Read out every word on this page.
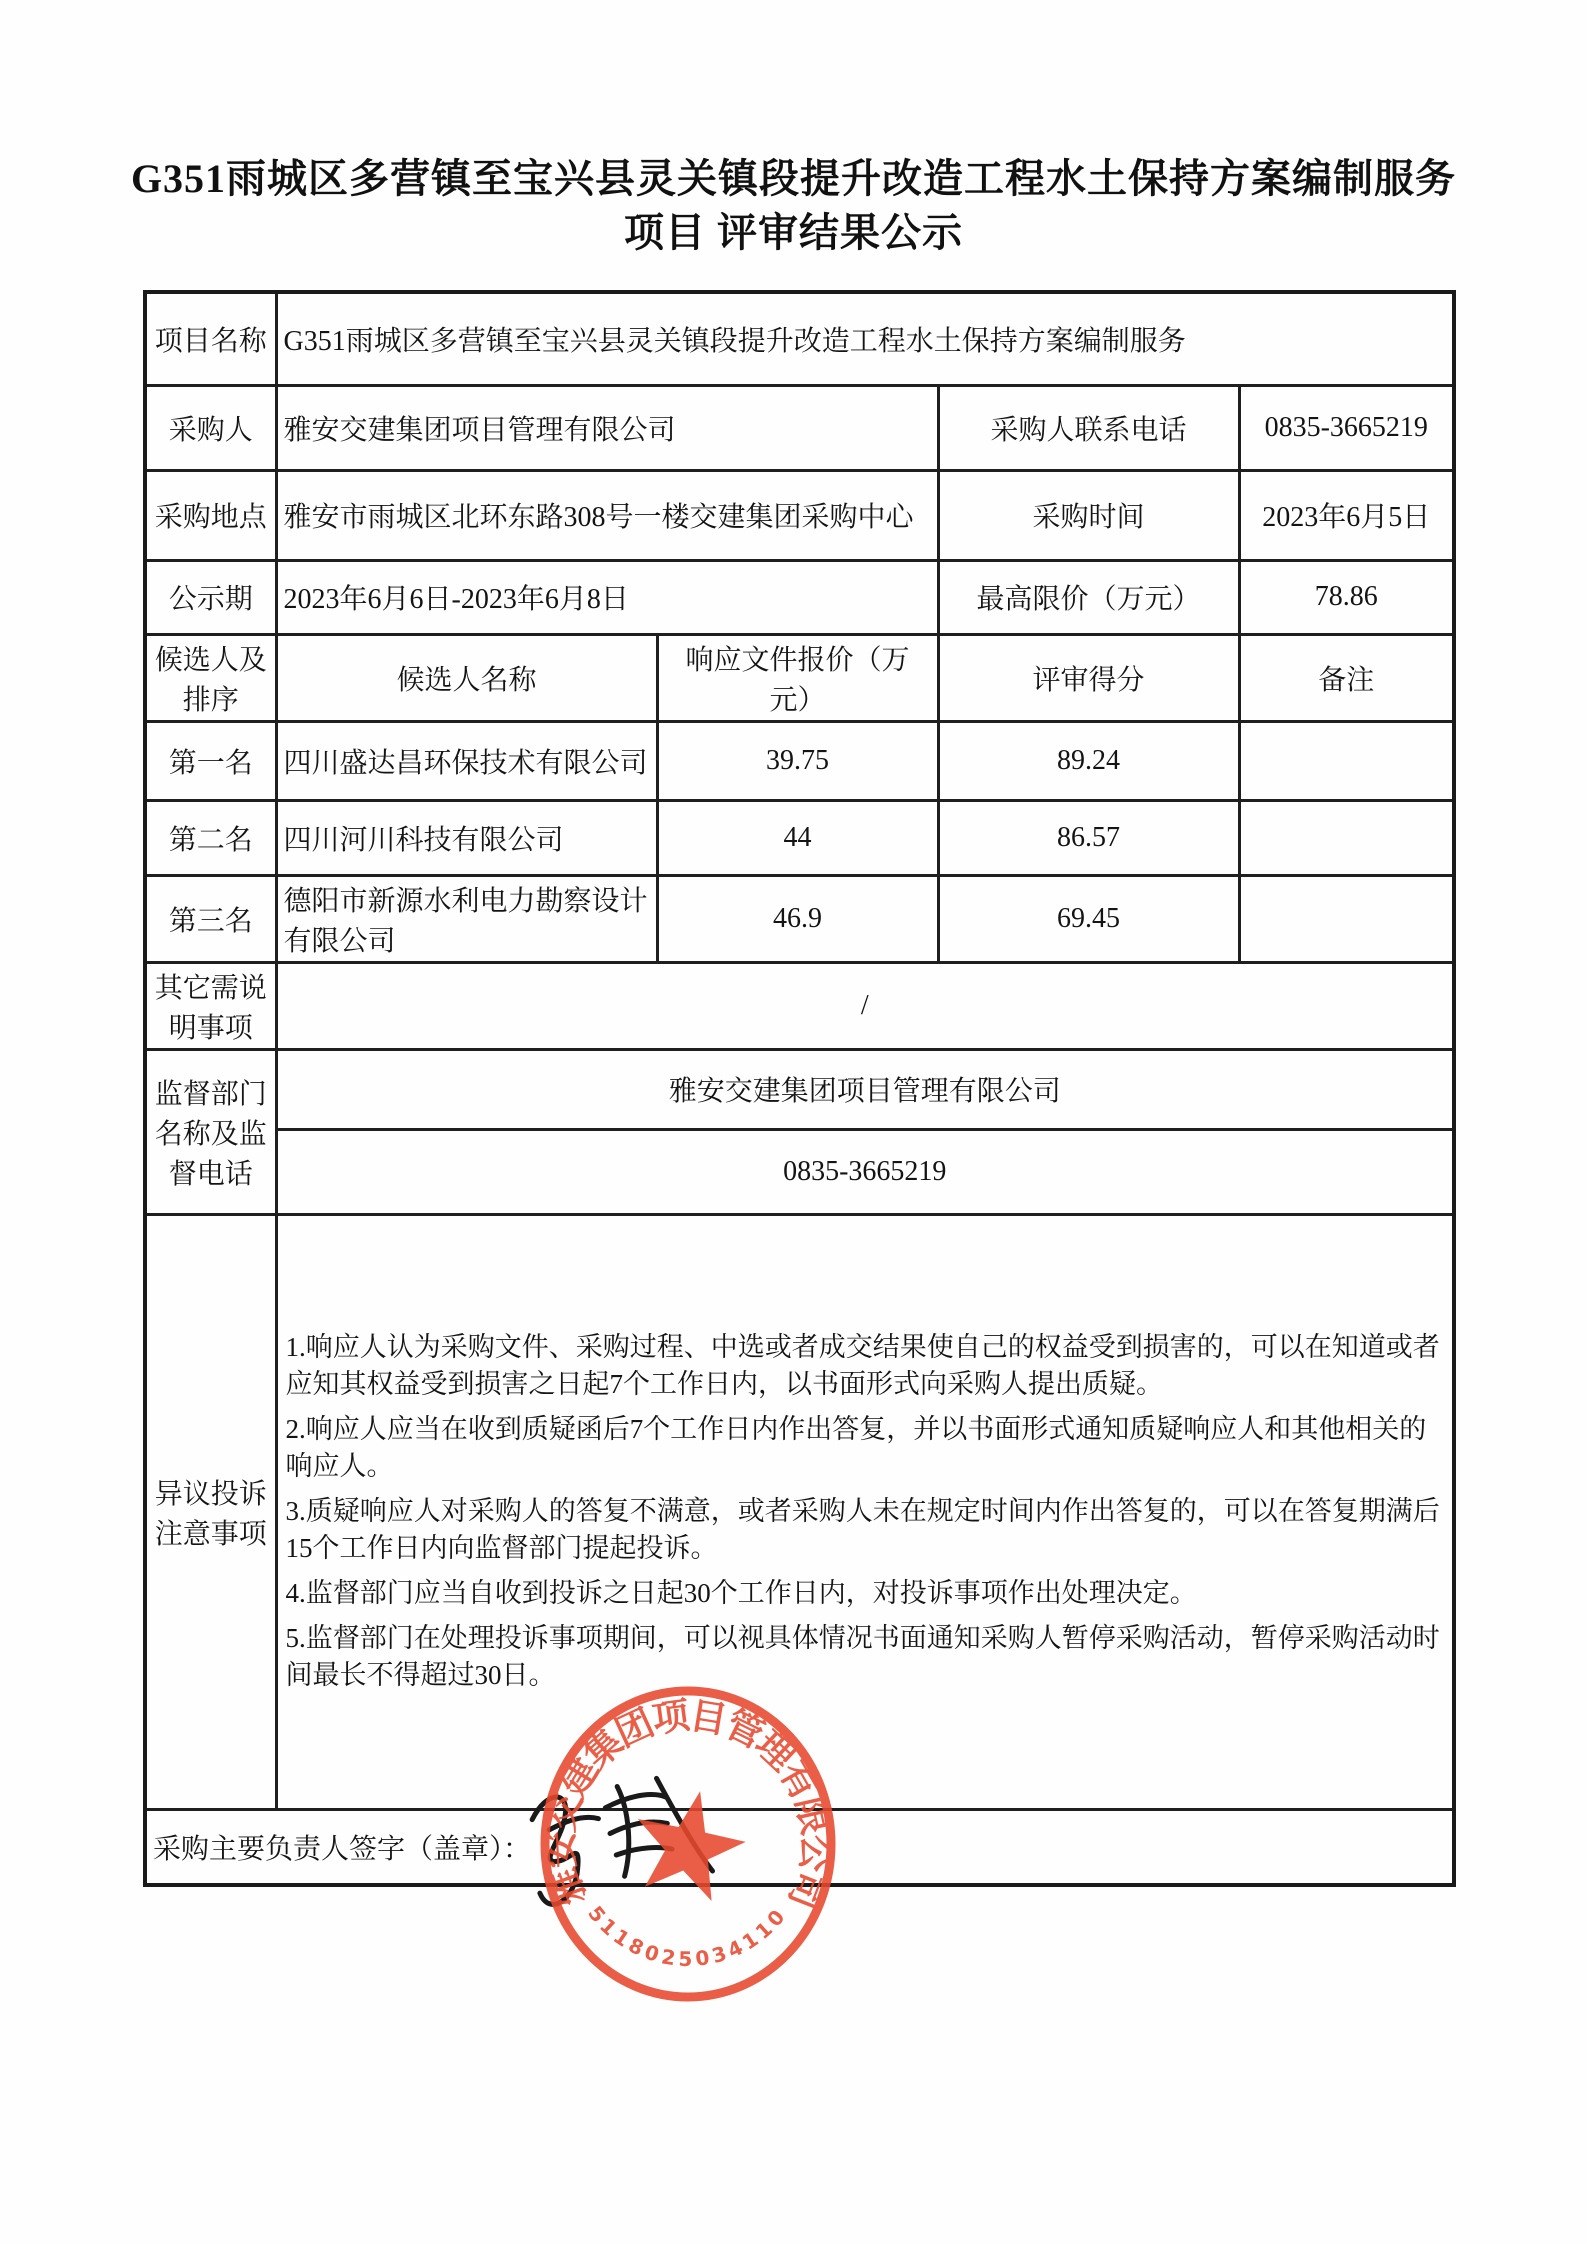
G351雨城区多营镇至宝兴县灵关镇段提升改造工程水土保持方案编制服务
项目 评审结果公示
项目名称	G351雨城区多营镇至宝兴县灵关镇段提升改造工程水土保持方案编制服务			
采购人	雅安交建集团项目管理有限公司		采购人联系电话	0835-3665219
采购地点	雅安市雨城区北环东路308号一楼交建集团采购中心		采购时间	2023年6月5日
公示期	2023年6月6日-2023年6月8日		最高限价（万元）	78.86
候选人及排序	候选人名称	响应文件报价（万元）	评审得分	备注
第一名	四川盛达昌环保技术有限公司	39.75	89.24	
第二名	四川河川科技有限公司	44	86.57	
第三名	德阳市新源水利电力勘察设计有限公司	46.9	69.45	
其它需说明事项	/			
监督部门名称及监督电话	雅安交建集团项目管理有限公司			
	0835-3665219			
异议投诉注意事项	1.响应人认为采购文件、采购过程、中选或者成交结果使自己的权益受到损害的，可以在知道或者应知其权益受到损害之日起7个工作日内，以书面形式向采购人提出质疑。
2.响应人应当在收到质疑函后7个工作日内作出答复，并以书面形式通知质疑响应人和其他相关的响应人。
3.质疑响应人对采购人的答复不满意，或者采购人未在规定时间内作出答复的，可以在答复期满后15个工作日内向监督部门提起投诉。
4.监督部门应当自收到投诉之日起30个工作日内，对投诉事项作出处理决定。
5.监督部门在处理投诉事项期间，可以视具体情况书面通知采购人暂停采购活动，暂停采购活动时间最长不得超过30日。			

采购主要负责人签字（盖章）：				
雅安交建集团项目管理有限公司
5118025034110
